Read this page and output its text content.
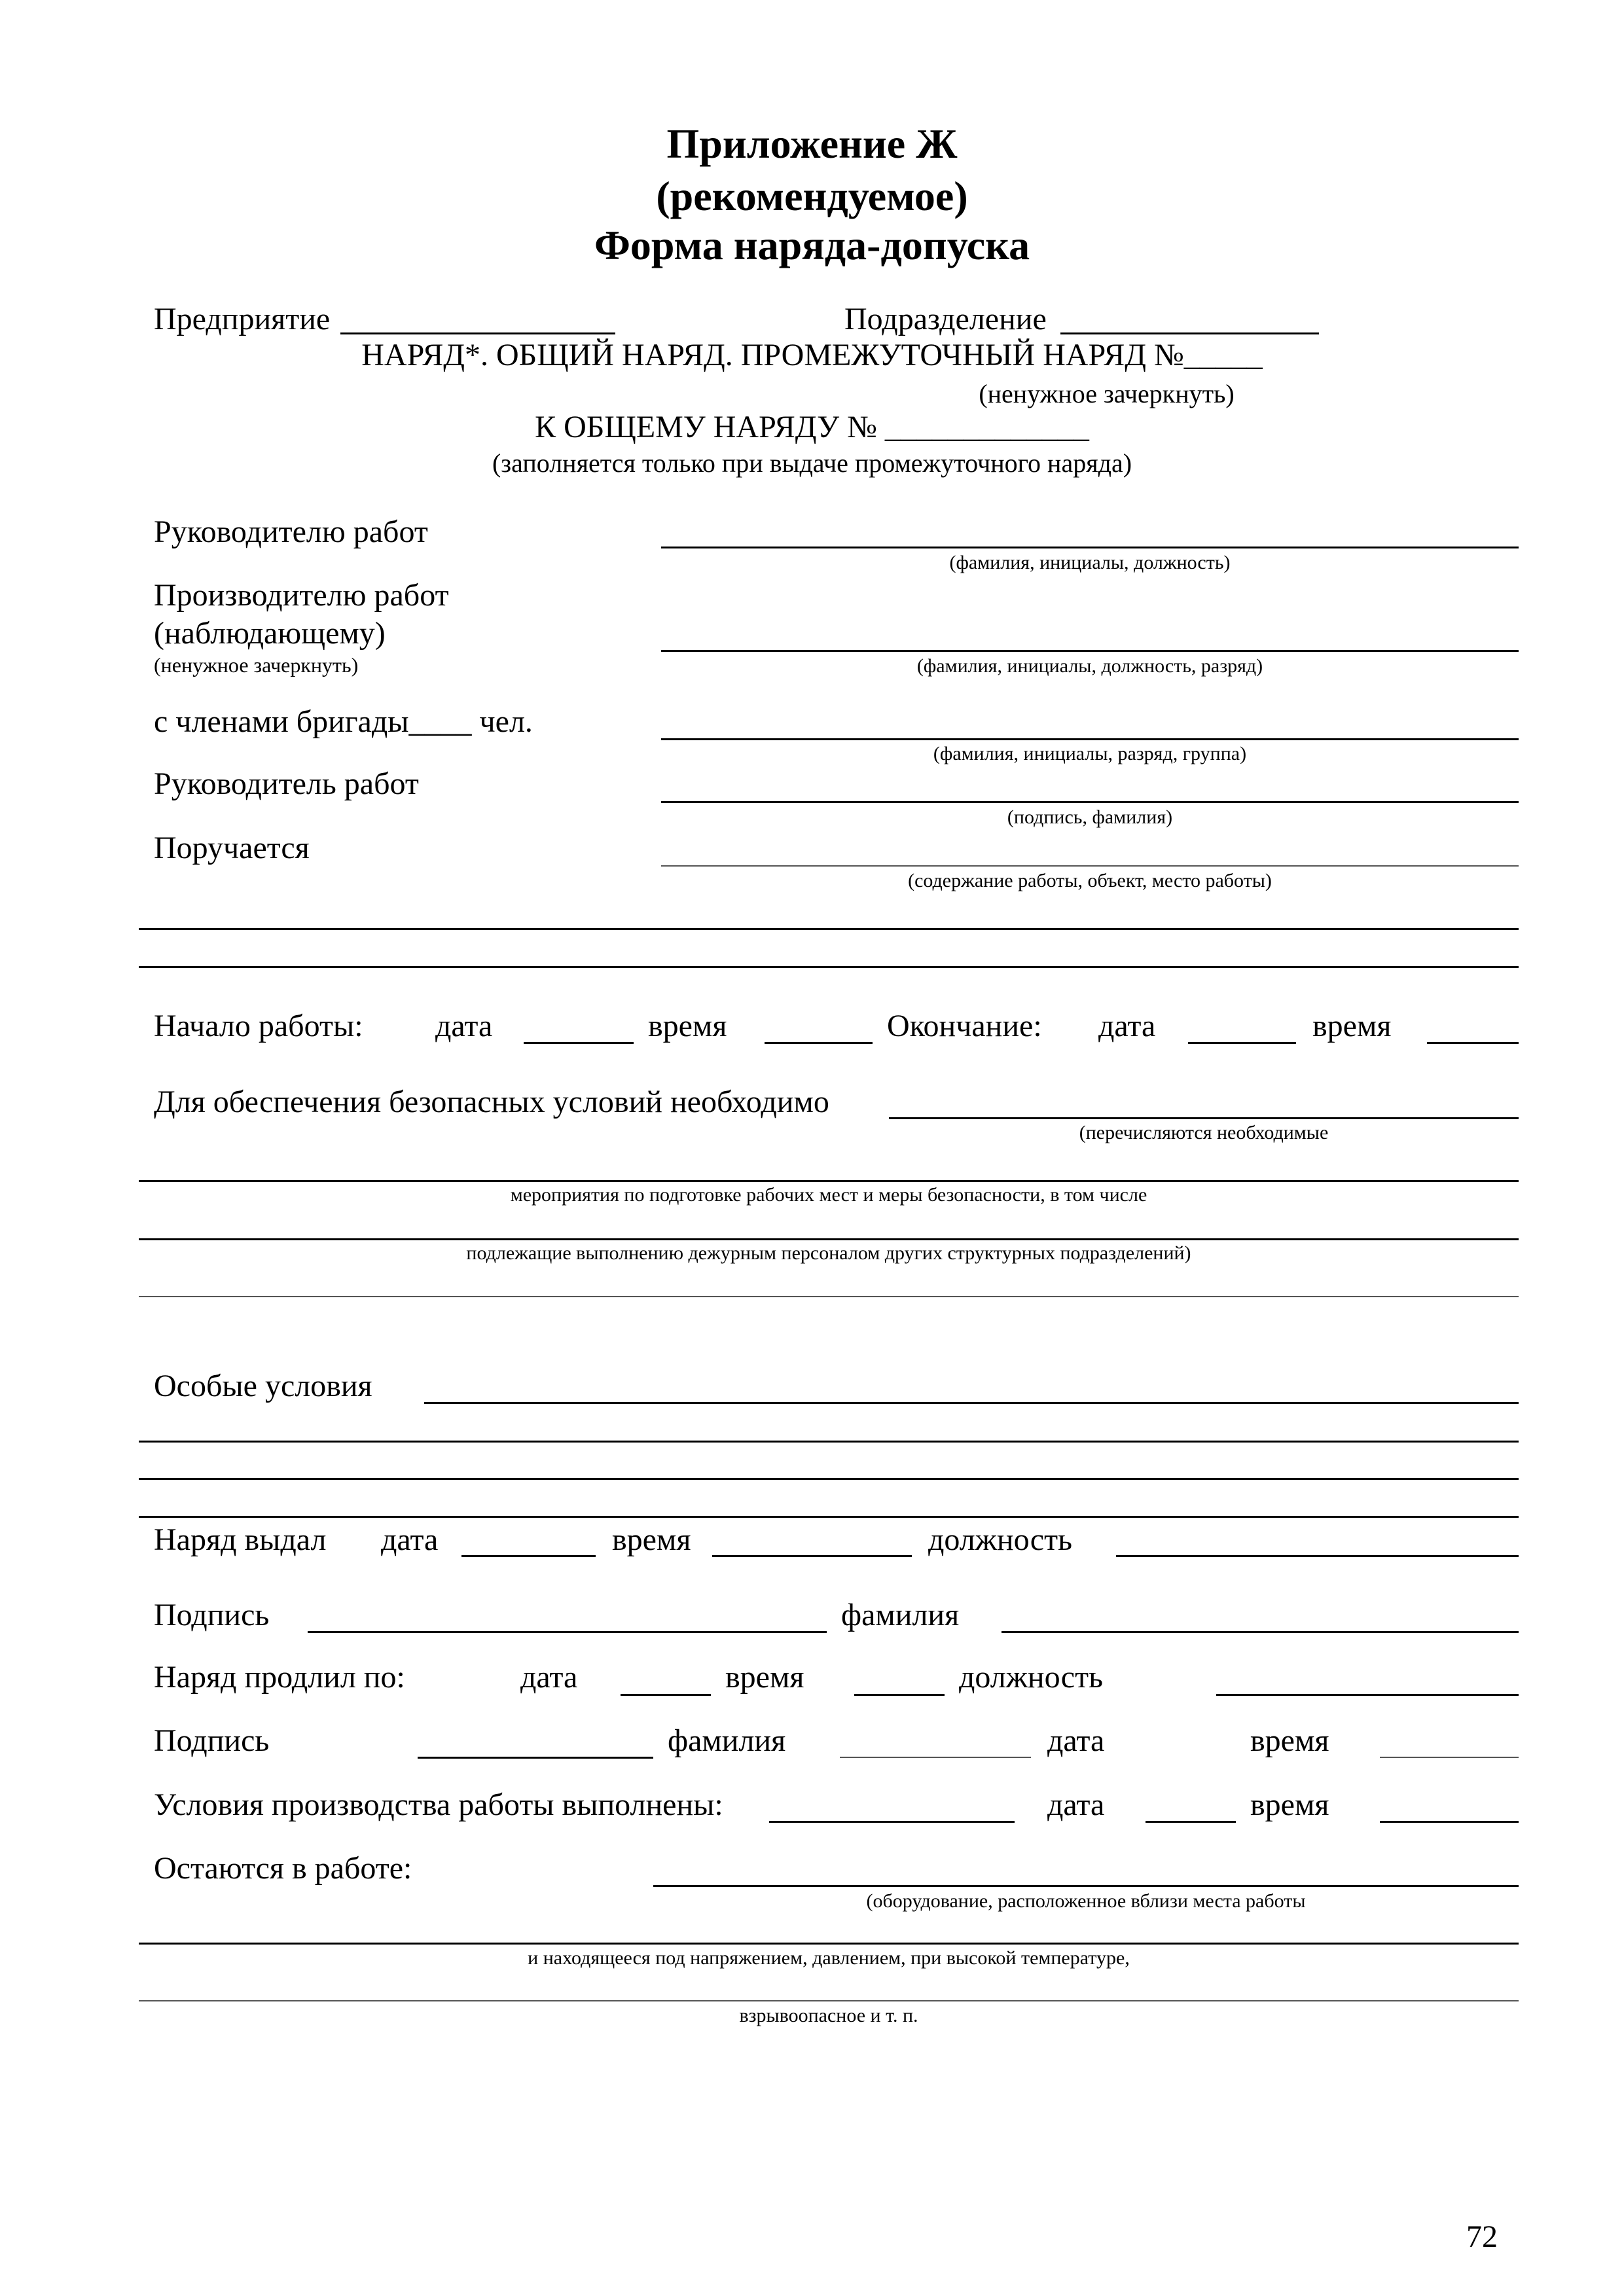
Приложение Ж
(рекомендуемое)
Форма наряда-допуска
Предприятие	Подразделение
НАРЯД*. ОБЩИЙ НАРЯД. ПРОМЕЖУТОЧНЫЙ НАРЯД №_____
(ненужное зачеркнуть)
К ОБЩЕМУ НАРЯДУ № _____________
(заполняется только при выдаче промежуточного наряда)
Руководителю работ
(фамилия, инициалы, должность)
Производителю работ
(наблюдающему)
(ненужное зачеркнуть)	(фамилия, инициалы, должность, разряд)
с членами бригады____ чел.
(фамилия, инициалы, разряд, группа)
Руководитель работ
(подпись, фамилия)
Поручается
(содержание работы, объект, место работы)
Начало работы: дата	время	Окончание: дата	время
Для обеспечения безопасных условий необходимо
(перечисляются необходимые
мероприятия по подготовке рабочих мест и меры безопасности, в том числе
подлежащие выполнению дежурным персоналом других структурных подразделений)
Особые условия
Наряд выдал дата	время	должность
Подпись	фамилия
Наряд продлил по:	дата	время	должность
Подпись	фамилия	дата	время
Условия производства работы выполнены:	дата	время
Остаются в работе:
(оборудование, расположенное вблизи места работы
и находящееся под напряжением, давлением, при высокой температуре,
взрывоопасное и т. п.
72
